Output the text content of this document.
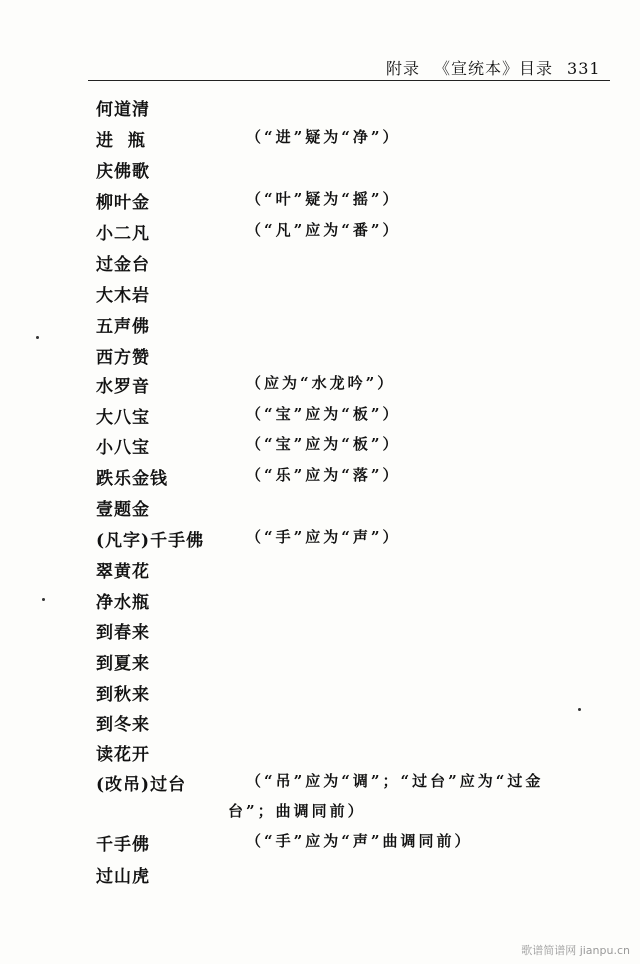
附录 《宣统本》目录 331
何道清
进  瓶	（“进”疑为“净”）
庆佛歌
柳叶金	（“叶”疑为“摇”）
小二凡	（“凡”应为“番”）
过金台
大木岩
五声佛
西方赞
水罗音	（应为“水龙吟”）
大八宝	（“宝”应为“板”）
小八宝	（“宝”应为“板”）
跌乐金钱	（“乐”应为“落”）
壹题金
(凡字)千手佛	（“手”应为“声”）
翠黄花
净水瓶
到春来
到夏来
到秋来
到冬来
读花开
(改吊)过台	（“吊”应为“调”；“过台”应为“过金
台”；曲调同前）
千手佛	（“手”应为“声”曲调同前）
过山虎
歌谱简谱网 jianpu.cn
